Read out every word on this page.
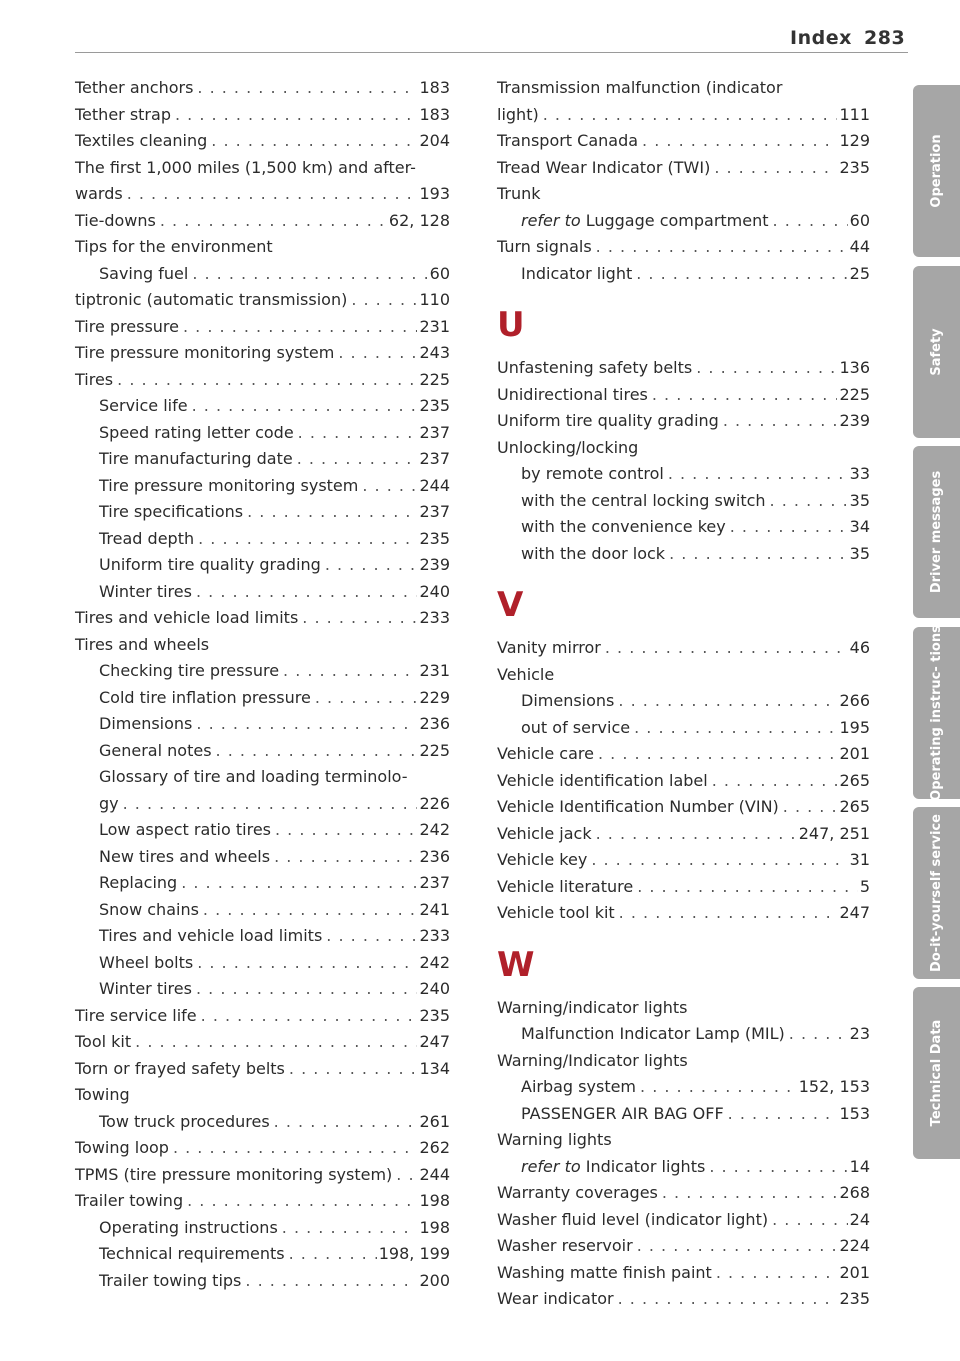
Index 283
Tether anchors . . .	183
Tether strap . . .	183
Textiles cleaning . . .	204
The first 1,000 miles (1,500 km) and after-
wards . . .	193
Tie-downs . . .	62, 128
Tips for the environment
Saving fuel . . .	60
tiptronic (automatic transmission) . . .	110
Tire pressure . . .	231
Tire pressure monitoring system . . .	243
Tires . . .	225
Service life . . .	235
Speed rating letter code . . .	237
Tire manufacturing date . . .	237
Tire pressure monitoring system . . .	244
Tire specifications . . .	237
Tread depth . . .	235
Uniform tire quality grading . . .	239
Winter tires . . .	240
Tires and vehicle load limits . . .	233
Tires and wheels
Checking tire pressure . . .	231
Cold tire inflation pressure . . .	229
Dimensions . . .	236
General notes . . .	225
Glossary of tire and loading terminolo-
gy . . .	226
Low aspect ratio tires . . .	242
New tires and wheels . . .	236
Replacing . . .	237
Snow chains . . .	241
Tires and vehicle load limits . . .	233
Wheel bolts . . .	242
Winter tires . . .	240
Tire service life . . .	235
Tool kit . . .	247
Torn or frayed safety belts . . .	134
Towing
Tow truck procedures . . .	261
Towing loop . . .	262
TPMS (tire pressure monitoring system) . . . 244
Trailer towing . . .	198
Operating instructions . . .	198
Technical requirements . . .	198, 199
Trailer towing tips . . .	200
Transmission malfunction (indicator
light) . . .	111
Transport Canada . . .	129
Tread Wear Indicator (TWI) . . .	235
Trunk
refer to Luggage compartment . . .	60
Turn signals . . .	44
Indicator light . . .	25
U
Unfastening safety belts . . .	136
Unidirectional tires . . .	225
Uniform tire quality grading . . .	239
Unlocking/locking
by remote control . . .	33
with the central locking switch . . .	35
with the convenience key . . .	34
with the door lock . . .	35
V
Vanity mirror . . .	46
Vehicle
Dimensions . . .	266
out of service . . .	195
Vehicle care . . .	201
Vehicle identification label . . .	265
Vehicle Identification Number (VIN) . . .	265
Vehicle jack . . .	247, 251
Vehicle key . . .	31
Vehicle literature . . .	5
Vehicle tool kit . . .	247
W
Warning/indicator lights
Malfunction Indicator Lamp (MIL) . . .	23
Warning/Indicator lights
Airbag system . . .	152, 153
PASSENGER AIR BAG OFF . . .	153
Warning lights
refer to Indicator lights . . .	14
Warranty coverages . . .	268
Washer fluid level (indicator light) . . .	24
Washer reservoir . . .	224
Washing matte finish paint . . .	201
Wear indicator . . .	235
Operation
Safety
Driver messages
Operating instruc- tions
Do-it-yourself service
Technical Data
